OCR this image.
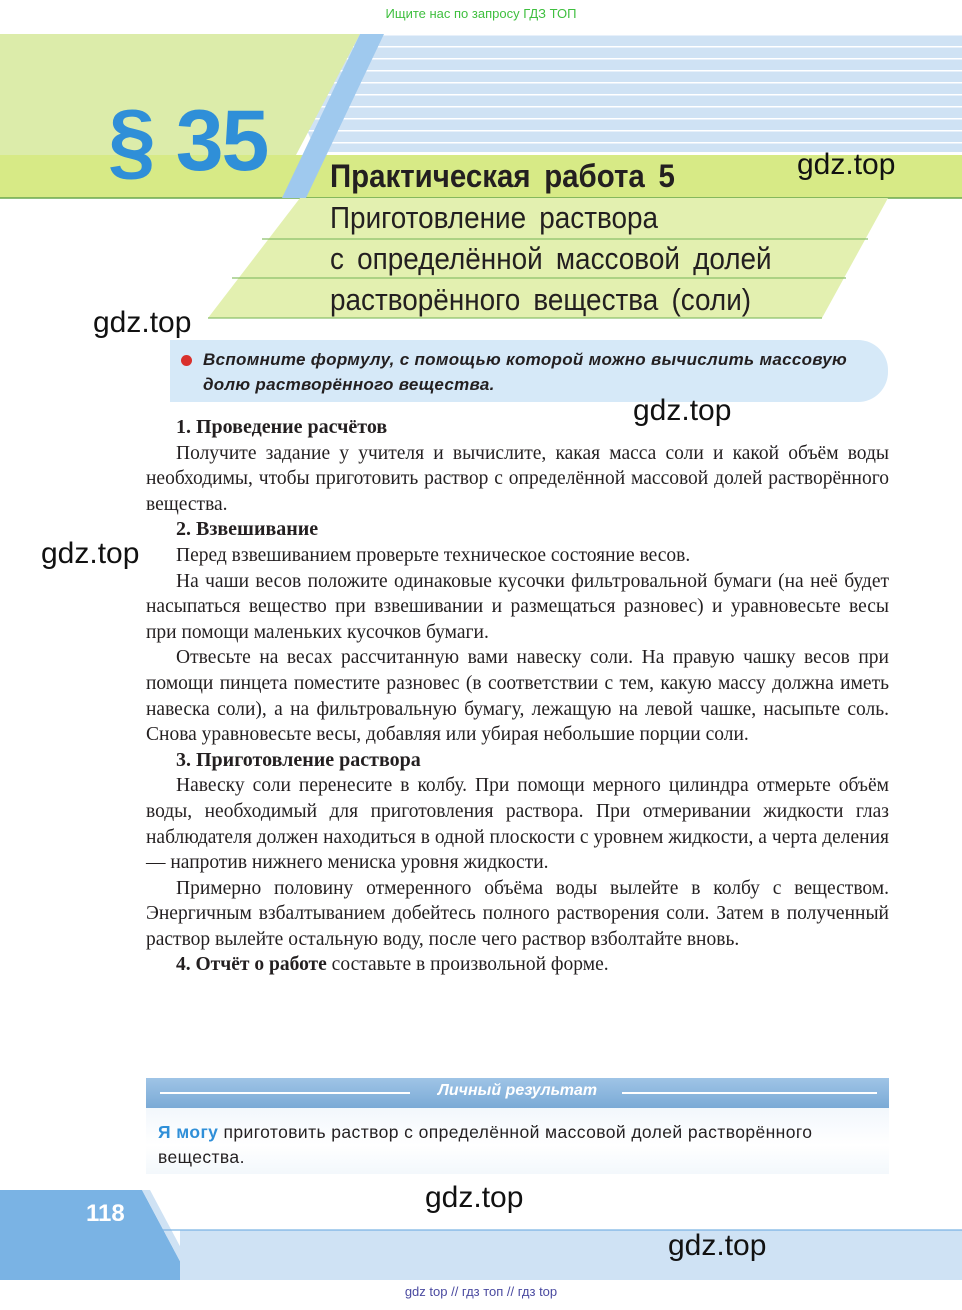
Ищите нас по запросу ГДЗ ТОП
§ 35 Практическая работа 5
Приготовление раствора
с определённой массовой долей
растворённого вещества (соли)
gdz.top
gdz.top
Вспомните формулу, с помощью которой можно вычислить массовую долю растворённого вещества.
gdz.top
1. Проведение расчётов

Получите задание у учителя и вычислите, какая масса соли и какой объём воды необходимы, чтобы приготовить раствор с определённой массовой долей растворённого вещества.

2. Взвешивание

Перед взвешиванием проверьте техническое состояние весов.

На чаши весов положите одинаковые кусочки фильтровальной бумаги (на неё будет насыпаться вещество при взвешивании и размещаться разновес) и уравновесьте весы при помощи маленьких кусочков бумаги.

Отвесьте на весах рассчитанную вами навеску соли. На правую чашку весов при помощи пинцета поместите разновес (в соответствии с тем, какую массу должна иметь навеска соли), а на фильтровальную бумагу, лежащую на левой чашке, насыпьте соль. Снова уравновесьте весы, добавляя или убирая небольшие порции соли.

3. Приготовление раствора

Навеску соли перенесите в колбу. При помощи мерного цилиндра отмерьте объём воды, необходимый для приготовления раствора. При отмеривании жидкости глаз наблюдателя должен находиться в одной плоскости с уровнем жидкости, а черта деления — напротив нижнего мениска уровня жидкости.

Примерно половину отмеренного объёма воды вылейте в колбу с веществом. Энергичным взбалтыванием добейтесь полного растворения соли. Затем в полученный раствор вылейте остальную воду, после чего раствор взболтайте вновь.

4. Отчёт о работе составьте в произвольной форме.

gdz.top
Личный результат
Я могу приготовить раствор с определённой массовой долей растворённого вещества.
118	gdz.top
gdz.top
gdz top // гдз топ // гдз top
